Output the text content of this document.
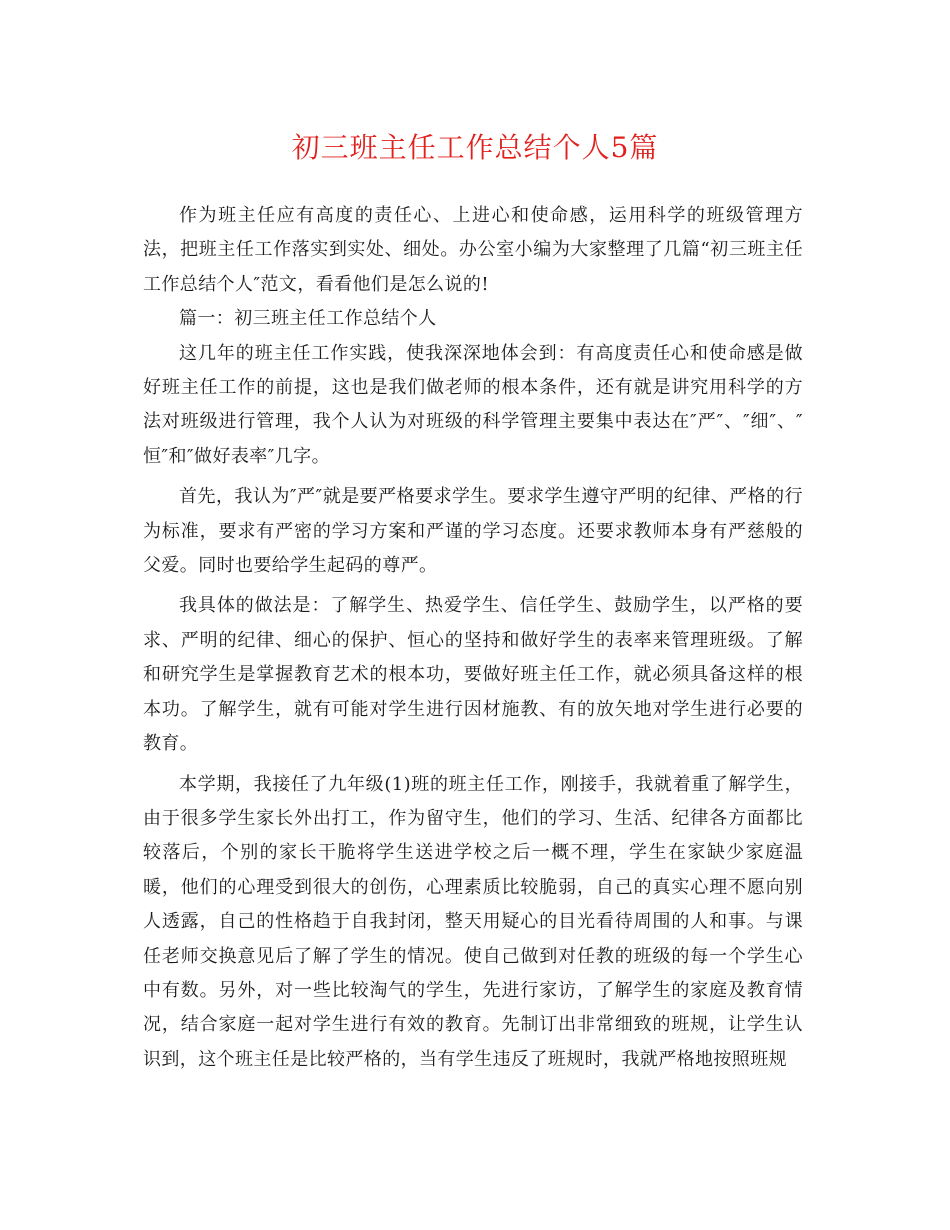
初三班主任工作总结个人5篇

作为班主任应有高度的责任心、上进心和使命感，运用科学的班级管理方法，把班主任工作落实到实处、细处。办公室小编为大家整理了几篇“初三班主任工作总结个人″范文，看看他们是怎么说的!

篇一：初三班主任工作总结个人

这几年的班主任工作实践，使我深深地体会到：有高度责任心和使命感是做好班主任工作的前提，这也是我们做老师的根本条件，还有就是讲究用科学的方法对班级进行管理，我个人认为对班级的科学管理主要集中表达在″严″、″细″、″恒″和″做好表率″几字。

首先，我认为″严″就是要严格要求学生。要求学生遵守严明的纪律、严格的行为标准，要求有严密的学习方案和严谨的学习态度。还要求教师本身有严慈般的父爱。同时也要给学生起码的尊严。

我具体的做法是：了解学生、热爱学生、信任学生、鼓励学生，以严格的要求、严明的纪律、细心的保护、恒心的坚持和做好学生的表率来管理班级。了解和研究学生是掌握教育艺术的根本功，要做好班主任工作，就必须具备这样的根本功。了解学生，就有可能对学生进行因材施教、有的放矢地对学生进行必要的教育。

本学期，我接任了九年级(1)班的班主任工作，刚接手，我就着重了解学生，由于很多学生家长外出打工，作为留守生，他们的学习、生活、纪律各方面都比较落后，个别的家长干脆将学生送进学校之后一概不理，学生在家缺少家庭温暖，他们的心理受到很大的创伤，心理素质比较脆弱，自己的真实心理不愿向别人透露，自己的性格趋于自我封闭，整天用疑心的目光看待周围的人和事。与课任老师交换意见后了解了学生的情况。使自己做到对任教的班级的每一个学生心中有数。另外，对一些比较淘气的学生，先进行家访，了解学生的家庭及教育情况，结合家庭一起对学生进行有效的教育。先制订出非常细致的班规，让学生认识到，这个班主任是比较严格的，当有学生违反了班规时，我就严格地按照班规
